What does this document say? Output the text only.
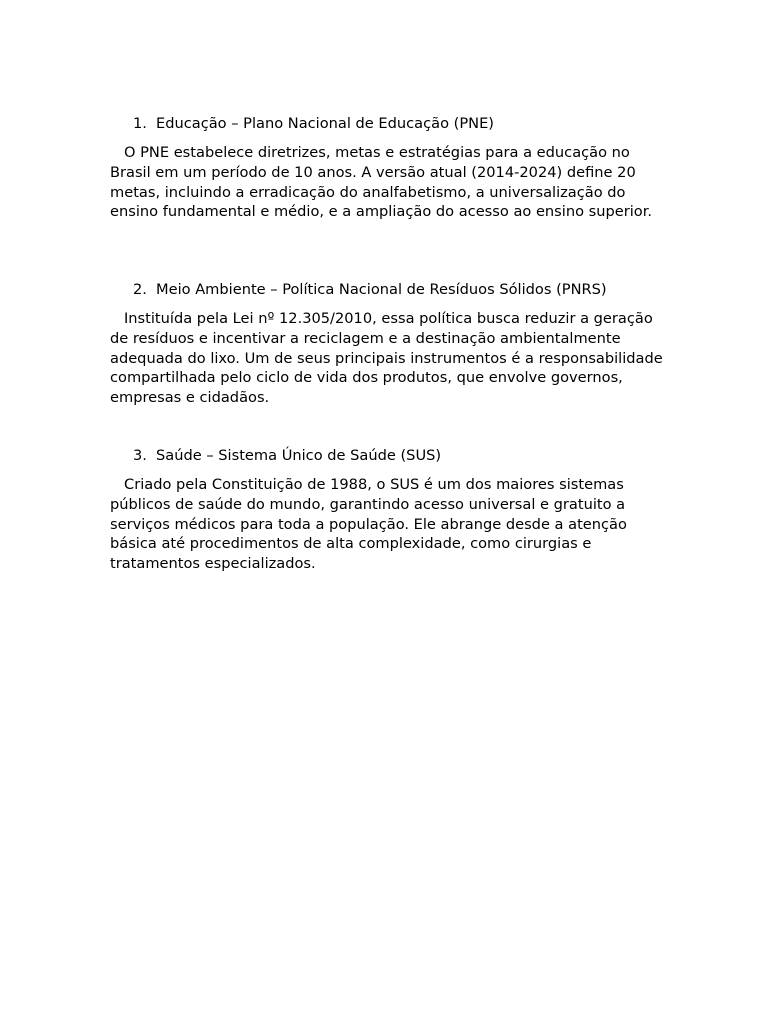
1. Educação – Plano Nacional de Educação (PNE)

O PNE estabelece diretrizes, metas e estratégias para a educação no Brasil em um período de 10 anos. A versão atual (2014-2024) define 20 metas, incluindo a erradicação do analfabetismo, a universalização do ensino fundamental e médio, e a ampliação do acesso ao ensino superior.

2. Meio Ambiente – Política Nacional de Resíduos Sólidos (PNRS)

Instituída pela Lei nº 12.305/2010, essa política busca reduzir a geração de resíduos e incentivar a reciclagem e a destinação ambientalmente adequada do lixo. Um de seus principais instrumentos é a responsabilidade compartilhada pelo ciclo de vida dos produtos, que envolve governos, empresas e cidadãos.

3. Saúde – Sistema Único de Saúde (SUS)

Criado pela Constituição de 1988, o SUS é um dos maiores sistemas públicos de saúde do mundo, garantindo acesso universal e gratuito a serviços médicos para toda a população. Ele abrange desde a atenção básica até procedimentos de alta complexidade, como cirurgias e tratamentos especializados.
